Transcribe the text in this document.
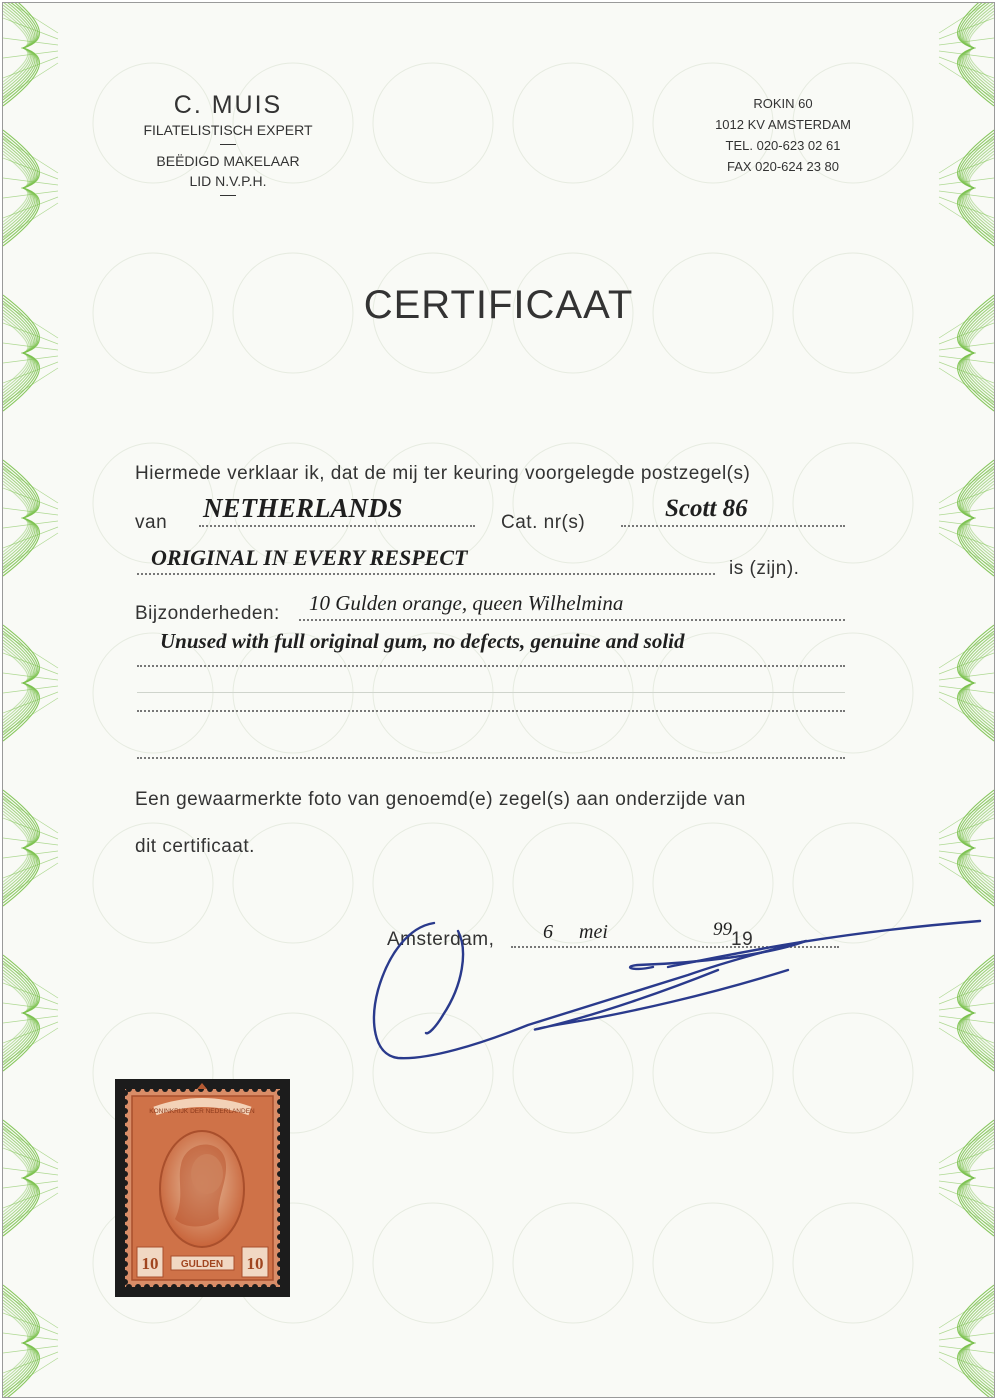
C. MUIS
FILATELISTISCH EXPERT
BEËDIGD MAKELAAR
LID N.V.P.H.
ROKIN 60
1012 KV AMSTERDAM
TEL. 020-623 02 61
FAX 020-624 23 80
CERTIFICAAT
Hiermede verklaar ik, dat de mij ter keuring voorgelegde postzegel(s)
van NETHERLANDS	Cat. nr(s)
Scott 86
ORIGINAL IN EVERY RESPECT	is (zijn).
Bijzonderheden: 10 Gulden orange, queen Wilhelmina
Unused with full original gum, no defects, genuine and solid
Een gewaarmerkte foto van genoemd(e) zegel(s) aan onderzijde van
dit certificaat.
Amsterdam, 6 mei	99 19
KONINKRIJK DER NEDERLANDEN
10	10
GULDEN
